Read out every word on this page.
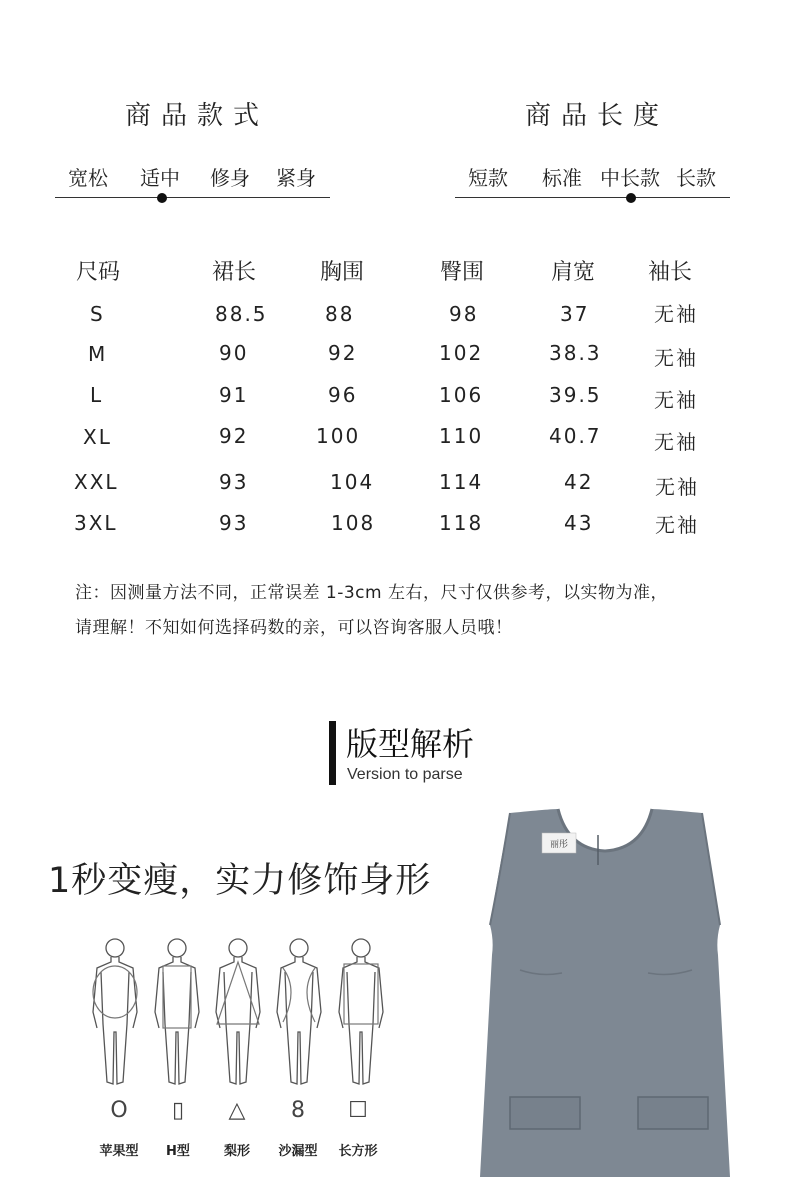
商品款式
宽松 适中 修身 紧身
商品长度
短款 标准 中长款 长款
尺码	裙长	胸围	臀围	肩宽 袖长
S	88.5	88	98	37	无袖
M	90	92	102	38.3	无袖
L	91	96	106	39.5	无袖
XL	92	100	110	40.7	无袖
XXL	93	104	114	42	无袖
3XL	93	108	118	43	无袖
注：因测量方法不同，正常误差 1-3cm 左右，尺寸仅供参考，以实物为准，
请理解！不知如何选择码数的亲，可以咨询客服人员哦！
版型解析
Version to parse
1秒变瘦，实力修饰身形
O	▯	△	8	☐
苹果型	H型	梨形	沙漏型	长方形
丽彤
